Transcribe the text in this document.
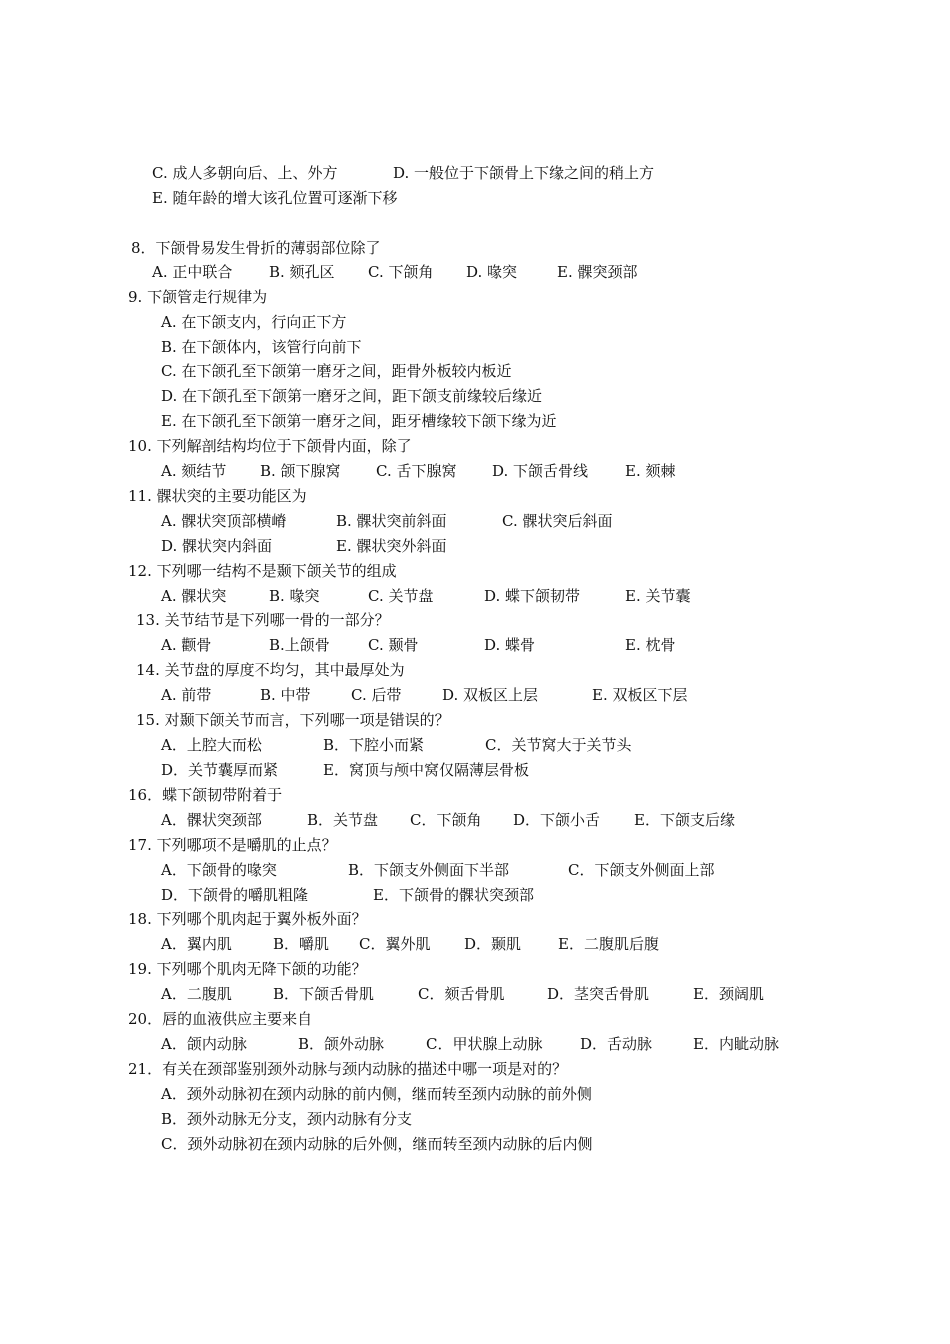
C. 成人多朝向后、上、外方	D. 一般位于下颌骨上下缘之间的稍上方
E. 随年龄的增大该孔位置可逐渐下移
8．下颌骨易发生骨折的薄弱部位除了
A. 正中联合 B. 颏孔区 C. 下颌角 D. 喙突	E. 髁突颈部
9. 下颌管走行规律为
A. 在下颌支内，行向正下方
B. 在下颌体内，该管行向前下
C. 在下颌孔至下颌第一磨牙之间，距骨外板较内板近
D. 在下颌孔至下颌第一磨牙之间，距下颌支前缘较后缘近
E. 在下颌孔至下颌第一磨牙之间，距牙槽缘较下颌下缘为近
10. 下列解剖结构均位于下颌骨内面，除了
A. 颏结节 B. 颌下腺窝 C. 舌下腺窝 D. 下颌舌骨线 E. 颏棘
11. 髁状突的主要功能区为
A. 髁状突顶部横嵴	B. 髁状突前斜面	C. 髁状突后斜面
D. 髁状突内斜面	E. 髁状突外斜面
12. 下列哪一结构不是颞下颌关节的组成
A. 髁状突	B. 喙突	C. 关节盘	D. 蝶下颌韧带	E. 关节囊
13. 关节结节是下列哪一骨的一部分？
A. 颧骨	B.上颌骨	C. 颞骨	D. 蝶骨	E. 枕骨
14. 关节盘的厚度不均匀，其中最厚处为
A. 前带	B. 中带	C. 后带	D. 双板区上层	E. 双板区下层
15. 对颞下颌关节而言，下列哪一项是错误的？
A．上腔大而松	B．下腔小而紧	C．关节窝大于关节头
D．关节囊厚而紧	E．窝顶与颅中窝仅隔薄层骨板
16．蝶下颌韧带附着于
A．髁状突颈部	B．关节盘 C．下颌角 D．下颌小舌 E．下颌支后缘
17. 下列哪项不是嚼肌的止点？
A．下颌骨的喙突	B．下颌支外侧面下半部	C．下颌支外侧面上部
D．下颌骨的嚼肌粗隆	E．下颌骨的髁状突颈部
18. 下列哪个肌肉起于翼外板外面？
A．翼内肌	B．嚼肌 C．翼外肌 D．颞肌 E．二腹肌后腹
19. 下列哪个肌肉无降下颌的功能？
A．二腹肌	B．下颌舌骨肌	C．颏舌骨肌	D．茎突舌骨肌	E．颈阔肌
20．唇的血液供应主要来自
A．颌内动脉	B．颌外动脉	C．甲状腺上动脉	D．舌动脉	E．内眦动脉
21．有关在颈部鉴别颈外动脉与颈内动脉的描述中哪一项是对的？
A．颈外动脉初在颈内动脉的前内侧，继而转至颈内动脉的前外侧
B．颈外动脉无分支，颈内动脉有分支
C．颈外动脉初在颈内动脉的后外侧，继而转至颈内动脉的后内侧
